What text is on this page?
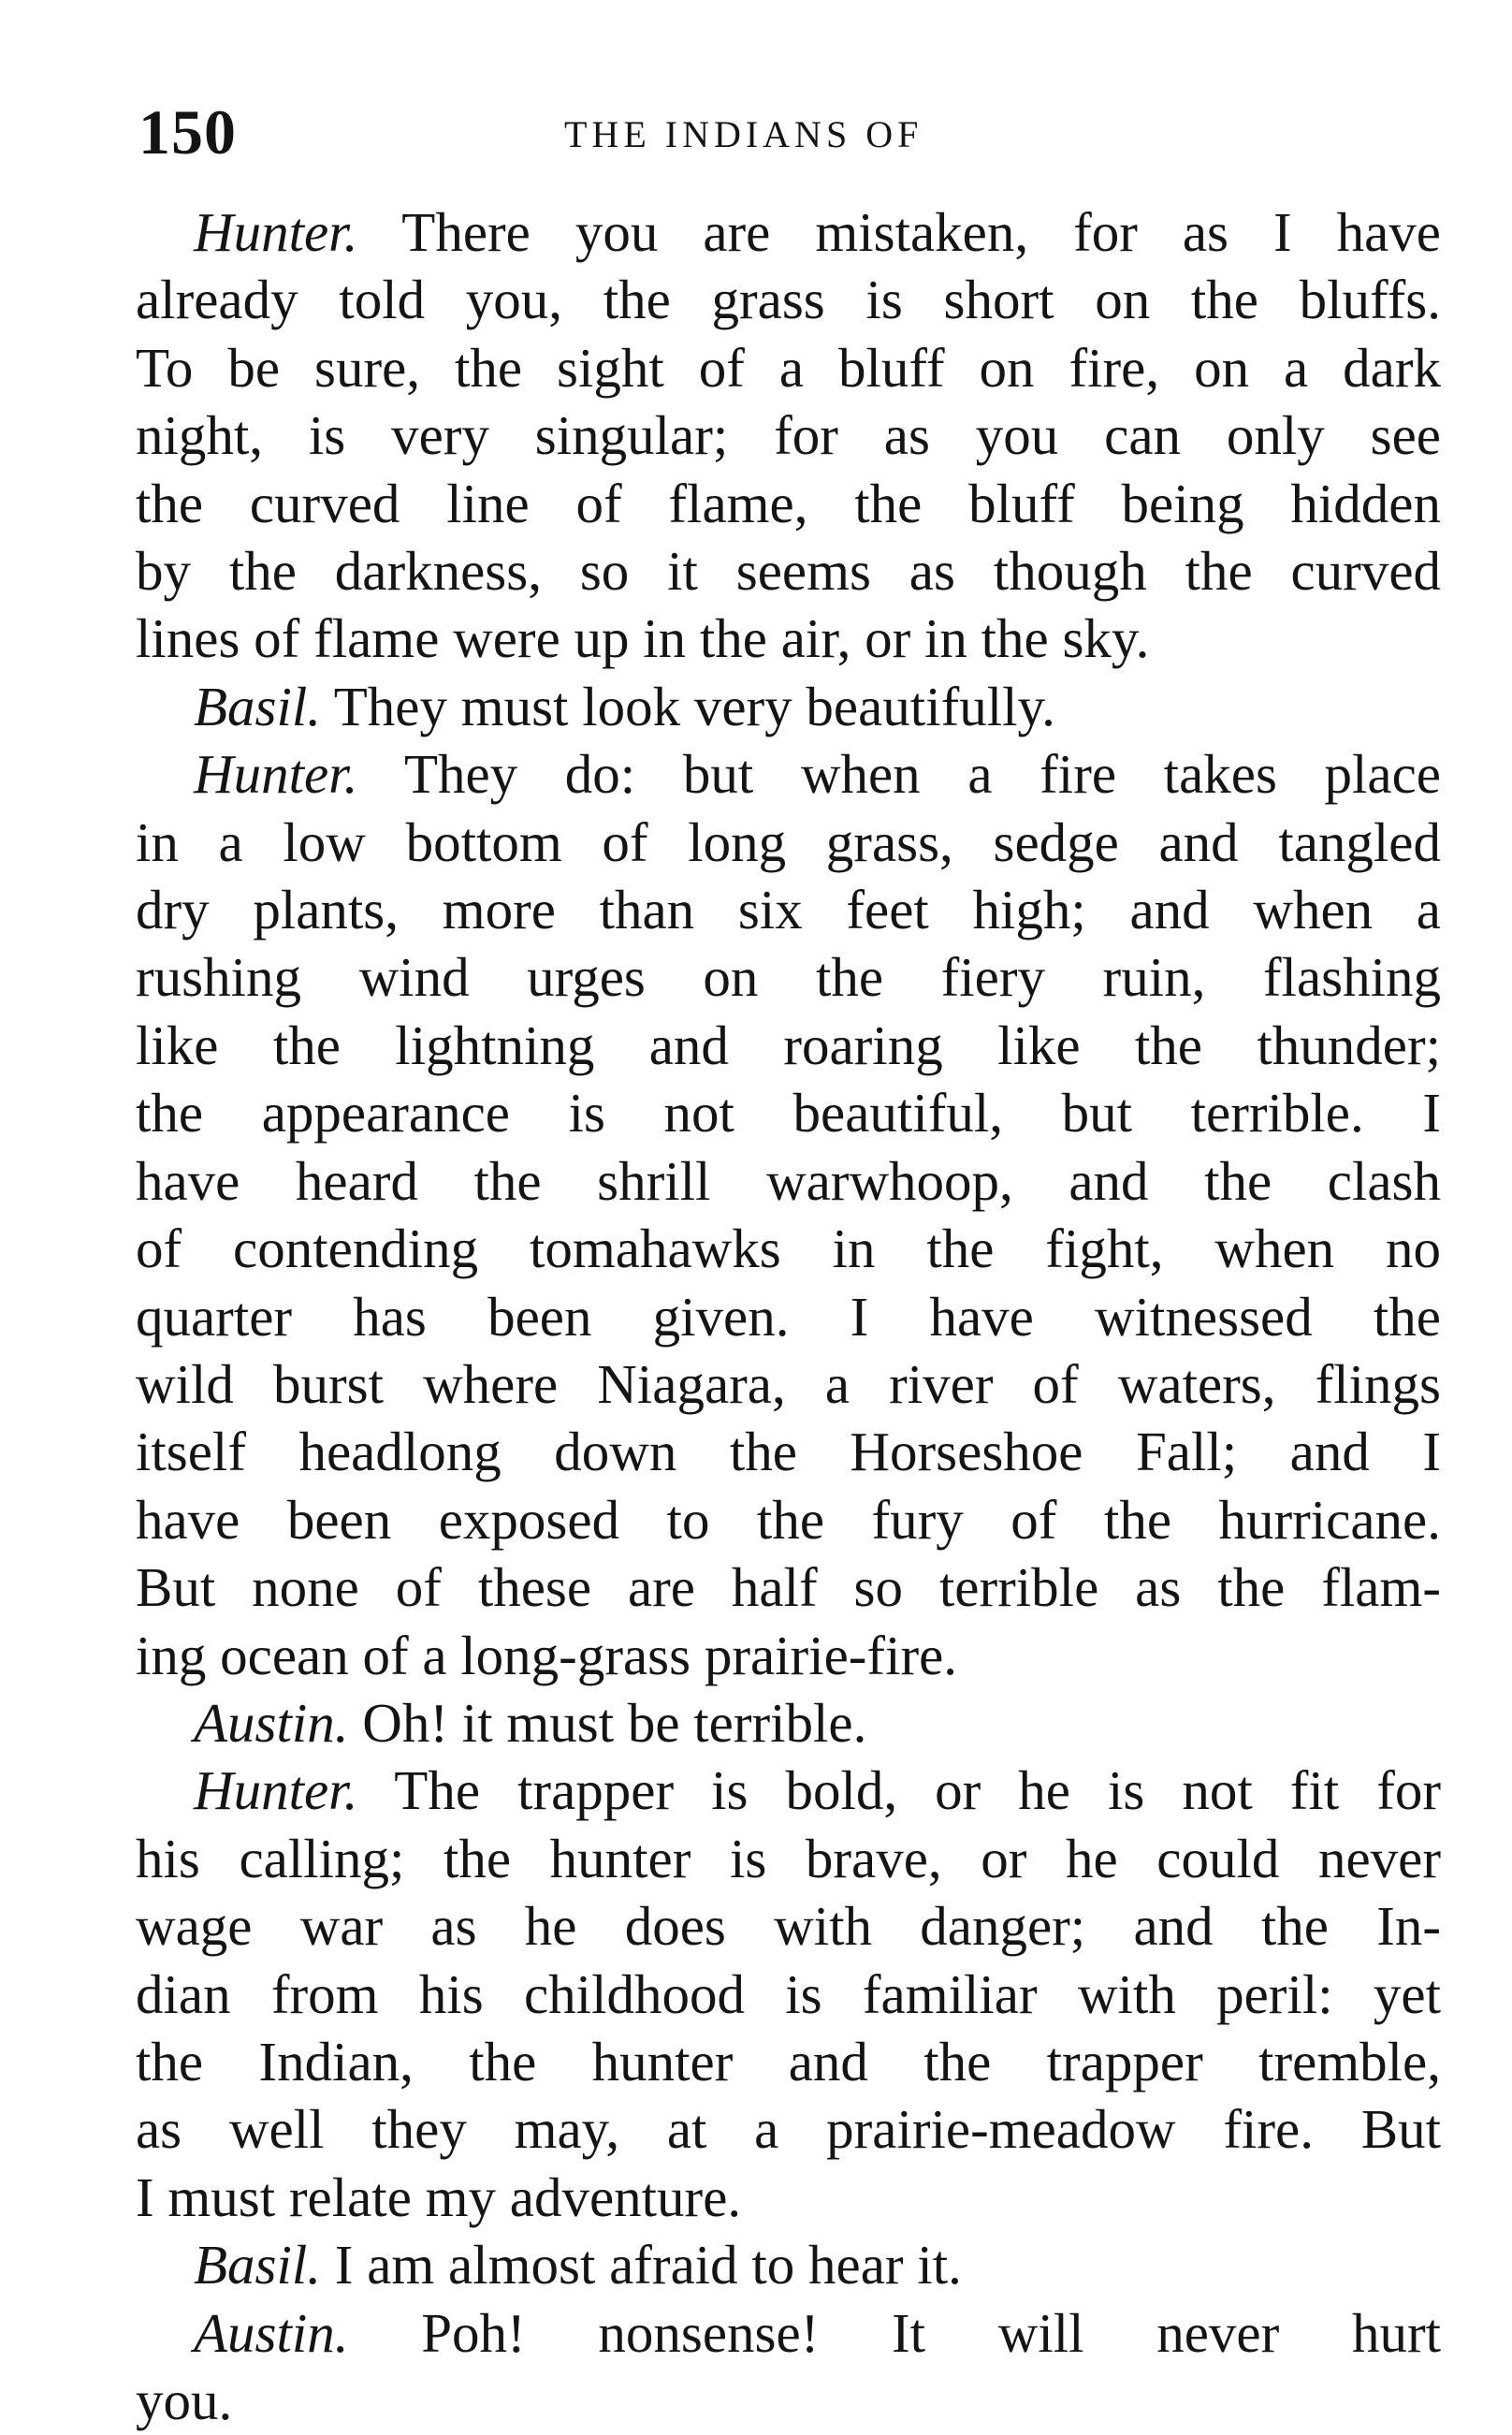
150	THE INDIANS OF
Hunter. There you are mistaken, for as I have
already told you, the grass is short on the bluffs.
To be sure, the sight of a bluff on fire, on a dark
night, is very singular; for as you can only see
the curved line of flame, the bluff being hidden
by the darkness, so it seems as though the curved
lines of flame were up in the air, or in the sky.
Basil. They must look very beautifully.
Hunter. They do: but when a fire takes place
in a low bottom of long grass, sedge and tangled
dry plants, more than six feet high; and when a
rushing wind urges on the fiery ruin, flashing
like the lightning and roaring like the thunder;
the appearance is not beautiful, but terrible. I
have heard the shrill warwhoop, and the clash
of contending tomahawks in the fight, when no
quarter has been given. I have witnessed the
wild burst where Niagara, a river of waters, flings
itself headlong down the Horseshoe Fall; and I
have been exposed to the fury of the hurricane.
But none of these are half so terrible as the flam-
ing ocean of a long-grass prairie-fire.
Austin. Oh! it must be terrible.
Hunter. The trapper is bold, or he is not fit for
his calling; the hunter is brave, or he could never
wage war as he does with danger; and the In-
dian from his childhood is familiar with peril: yet
the Indian, the hunter and the trapper tremble,
as well they may, at a prairie-meadow fire. But
I must relate my adventure.
Basil. I am almost afraid to hear it.
Austin. Poh! nonsense! It will never hurt
you.
